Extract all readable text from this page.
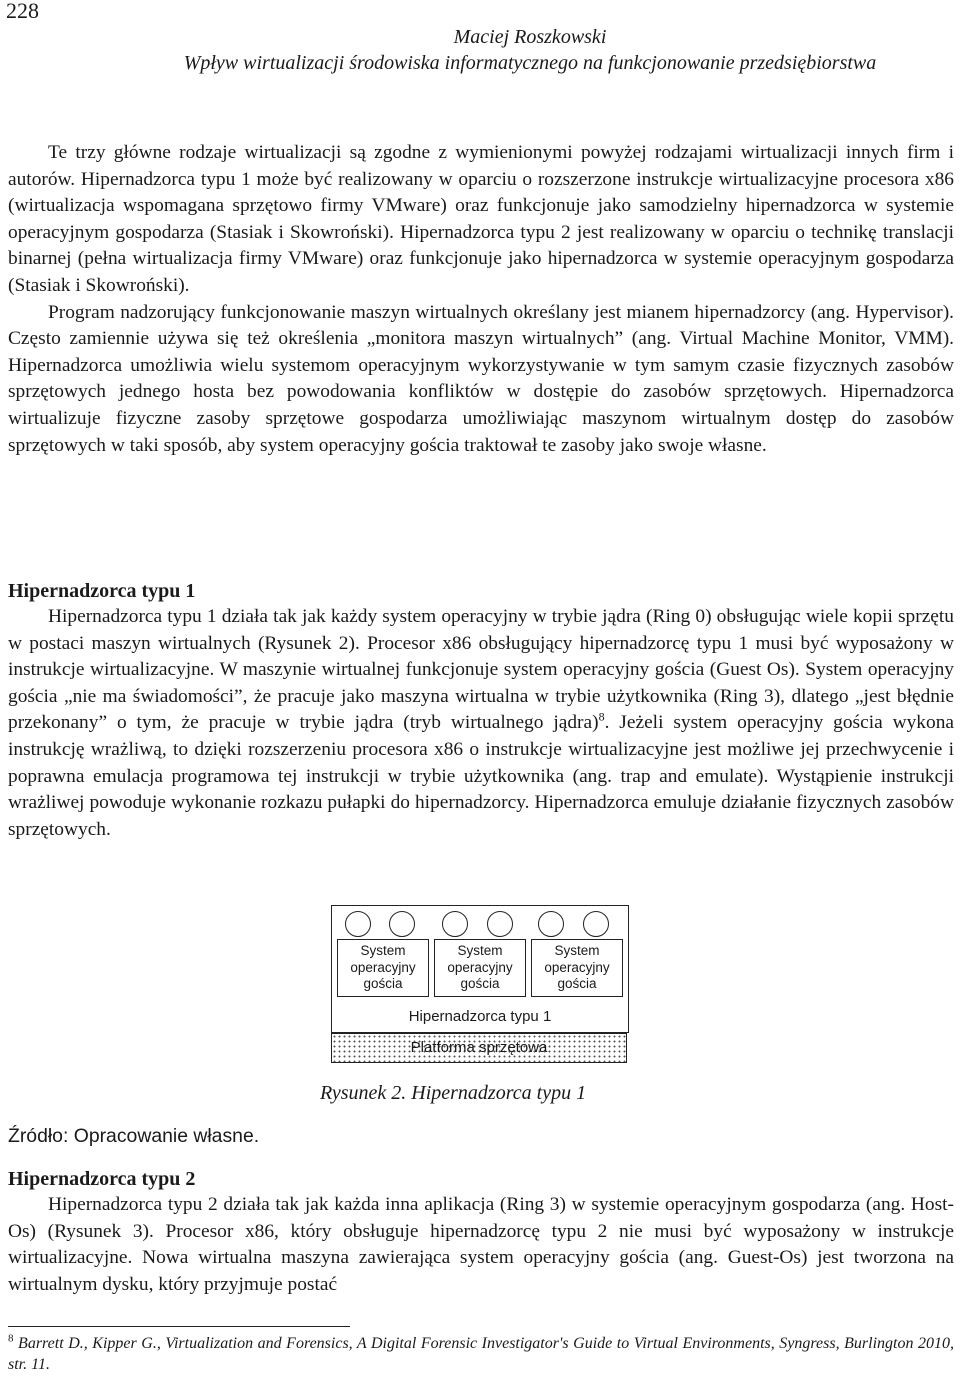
228
Maciej Roszkowski
Wpływ wirtualizacji środowiska informatycznego na funkcjonowanie przedsiębiorstwa

Te trzy główne rodzaje wirtualizacji są zgodne z wymienionymi powyżej rodzajami wirtualizacji innych firm i autorów. Hipernadzorca typu 1 może być realizowany w oparciu o rozszerzone instrukcje wirtualizacyjne procesora x86 (wirtualizacja wspomagana sprzętowo firmy VMware) oraz funkcjonuje jako samodzielny hipernadzorca w systemie operacyjnym gospodarza (Stasiak i Skowroński). Hipernadzorca typu 2 jest realizowany w oparciu o technikę translacji binarnej (pełna wirtualizacja firmy VMware) oraz funkcjonuje jako hipernadzorca w systemie operacyjnym gospodarza (Stasiak i Skowroński).

Program nadzorujący funkcjonowanie maszyn wirtualnych określany jest mianem hipernadzorcy (ang. Hypervisor). Często zamiennie używa się też określenia „monitora maszyn wirtualnych” (ang. Virtual Machine Monitor, VMM). Hipernadzorca umożliwia wielu systemom operacyjnym wykorzystywanie w tym samym czasie fizycznych zasobów sprzętowych jednego hosta bez powodowania konfliktów w dostępie do zasobów sprzętowych. Hipernadzorca wirtualizuje fizyczne zasoby sprzętowe gospodarza umożliwiając maszynom wirtualnym dostęp do zasobów sprzętowych w taki sposób, aby system operacyjny gościa traktował te zasoby jako swoje własne.

Hipernadzorca typu 1

Hipernadzorca typu 1 działa tak jak każdy system operacyjny w trybie jądra (Ring 0) obsługując wiele kopii sprzętu w postaci maszyn wirtualnych (Rysunek 2). Procesor x86 obsługujący hipernadzorcę typu 1 musi być wyposażony w instrukcje wirtualizacyjne. W maszynie wirtualnej funkcjonuje system operacyjny gościa (Guest Os). System operacyjny gościa „nie ma świadomości”, że pracuje jako maszyna wirtualna w trybie użytkownika (Ring 3), dlatego „jest błędnie przekonany” o tym, że pracuje w trybie jądra (tryb wirtualnego jądra)$^8$. Jeżeli system operacyjny gościa wykona instrukcję wrażliwą, to dzięki rozszerzeniu procesora x86 o instrukcje wirtualizacyjne jest możliwe jej przechwycenie i poprawna emulacja programowa tej instrukcji w trybie użytkownika (ang. trap and emulate). Wystąpienie instrukcji wrażliwej powoduje wykonanie rozkazu pułapki do hipernadzorcy. Hipernadzorca emuluje działanie fizycznych zasobów sprzętowych.

System
operacyjny
gościa
System
operacyjny
gościa
System
operacyjny
gościa
Hipernadzorca typu 1
Platforma sprzętowa
Rysunek 2. Hipernadzorca typu 1
Źródło: Opracowanie własne.
Hipernadzorca typu 2

Hipernadzorca typu 2 działa tak jak każda inna aplikacja (Ring 3) w systemie operacyjnym gospodarza (ang. Host-Os) (Rysunek 3). Procesor x86, który obsługuje hipernadzorcę typu 2 nie musi być wyposażony w instrukcje wirtualizacyjne. Nowa wirtualna maszyna zawierająca system operacyjny gościa (ang. Guest-Os) jest tworzona na wirtualnym dysku, który przyjmuje postać

$^8$ Barrett D., Kipper G., Virtualization and Forensics, A Digital Forensic Investigator's Guide to Virtual Environments, Syngress, Burlington 2010, str. 11.
